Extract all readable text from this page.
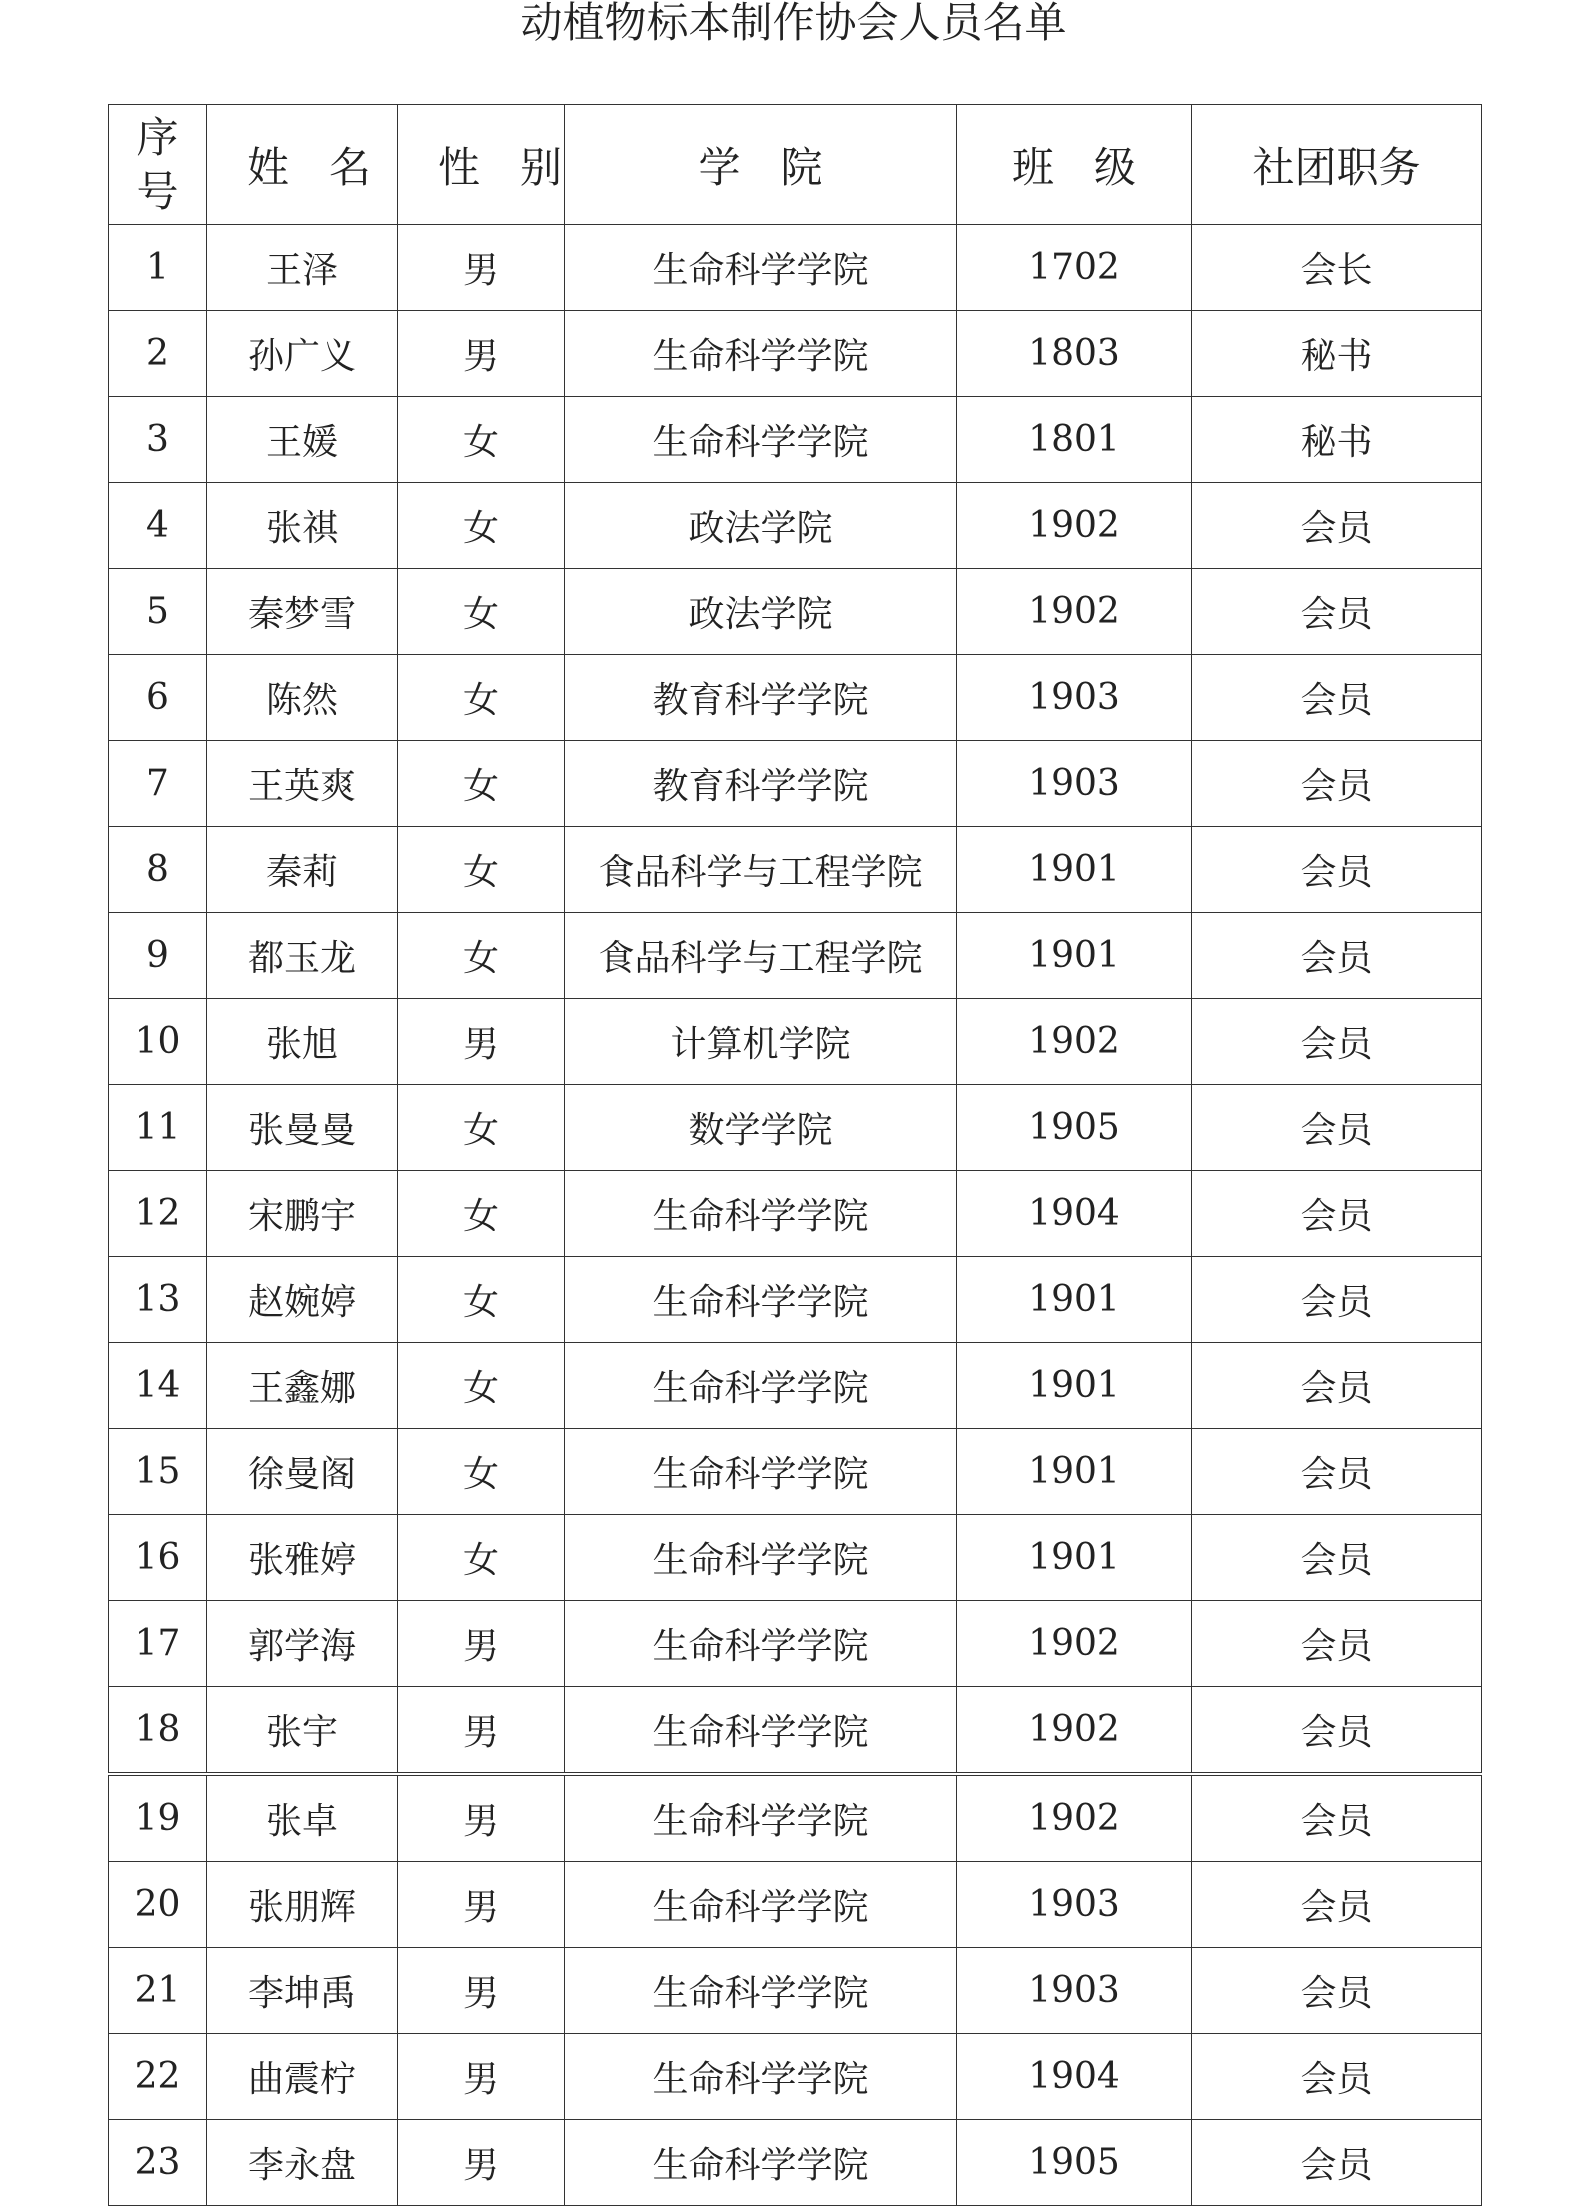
动植物标本制作协会人员名单
序号	姓名	性别	学院	班级	社团职务
1	王泽	男	生命科学学院	1702	会长
2	孙广义	男	生命科学学院	1803	秘书
3	王媛	女	生命科学学院	1801	秘书
4	张祺	女	政法学院	1902	会员
5	秦梦雪	女	政法学院	1902	会员
6	陈然	女	教育科学学院	1903	会员
7	王英爽	女	教育科学学院	1903	会员
8	秦莉	女	食品科学与工程学院	1901	会员
9	都玉龙	女	食品科学与工程学院	1901	会员
10	张旭	男	计算机学院	1902	会员
11	张曼曼	女	数学学院	1905	会员
12	宋鹏宇	女	生命科学学院	1904	会员
13	赵婉婷	女	生命科学学院	1901	会员
14	王鑫娜	女	生命科学学院	1901	会员
15	徐曼阁	女	生命科学学院	1901	会员
16	张雅婷	女	生命科学学院	1901	会员
17	郭学海	男	生命科学学院	1902	会员
18	张宇	男	生命科学学院	1902	会员
19	张卓	男	生命科学学院	1902	会员
20	张朋辉	男	生命科学学院	1903	会员
21	李坤禹	男	生命科学学院	1903	会员
22	曲震柠	男	生命科学学院	1904	会员
23	李永盘	男	生命科学学院	1905	会员
